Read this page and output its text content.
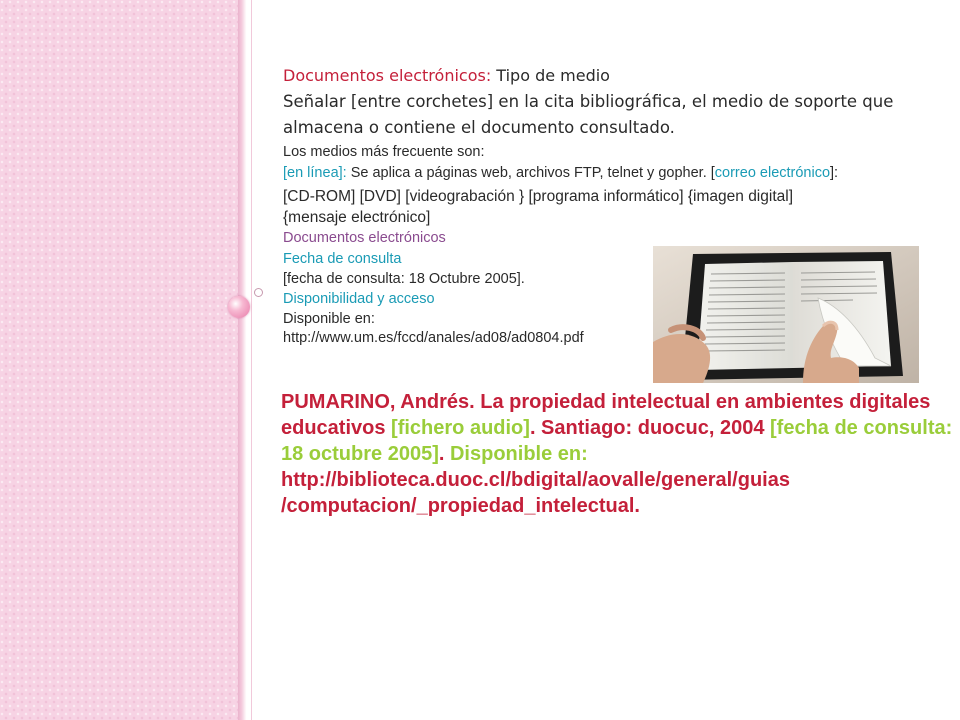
Documentos electrónicos: Tipo de medio
Señalar [entre corchetes] en la cita bibliográfica, el medio de soporte que
almacena o contiene el documento consultado.
Los medios más frecuente son:
[en línea]: Se aplica a páginas web, archivos FTP, telnet y gopher. [correo electrónico]:
[CD-ROM] [DVD] [videograbación } [programa informático] {imagen digital]
{mensaje electrónico]
Documentos electrónicos
Fecha de consulta
[fecha de consulta: 18 Octubre 2005].
Disponibilidad y acceso
Disponible en:
http://www.um.es/fccd/anales/ad08/ad0804.pdf
PUMARINO, Andrés. La propiedad intelectual en ambientes digitales educativos [fichero audio]. Santiago: duocuc, 2004 [fecha de consulta: 18 octubre 2005]. Disponible en: http://biblioteca.duoc.cl/bdigital/aovalle/general/guias /computacion/_propiedad_intelectual.
